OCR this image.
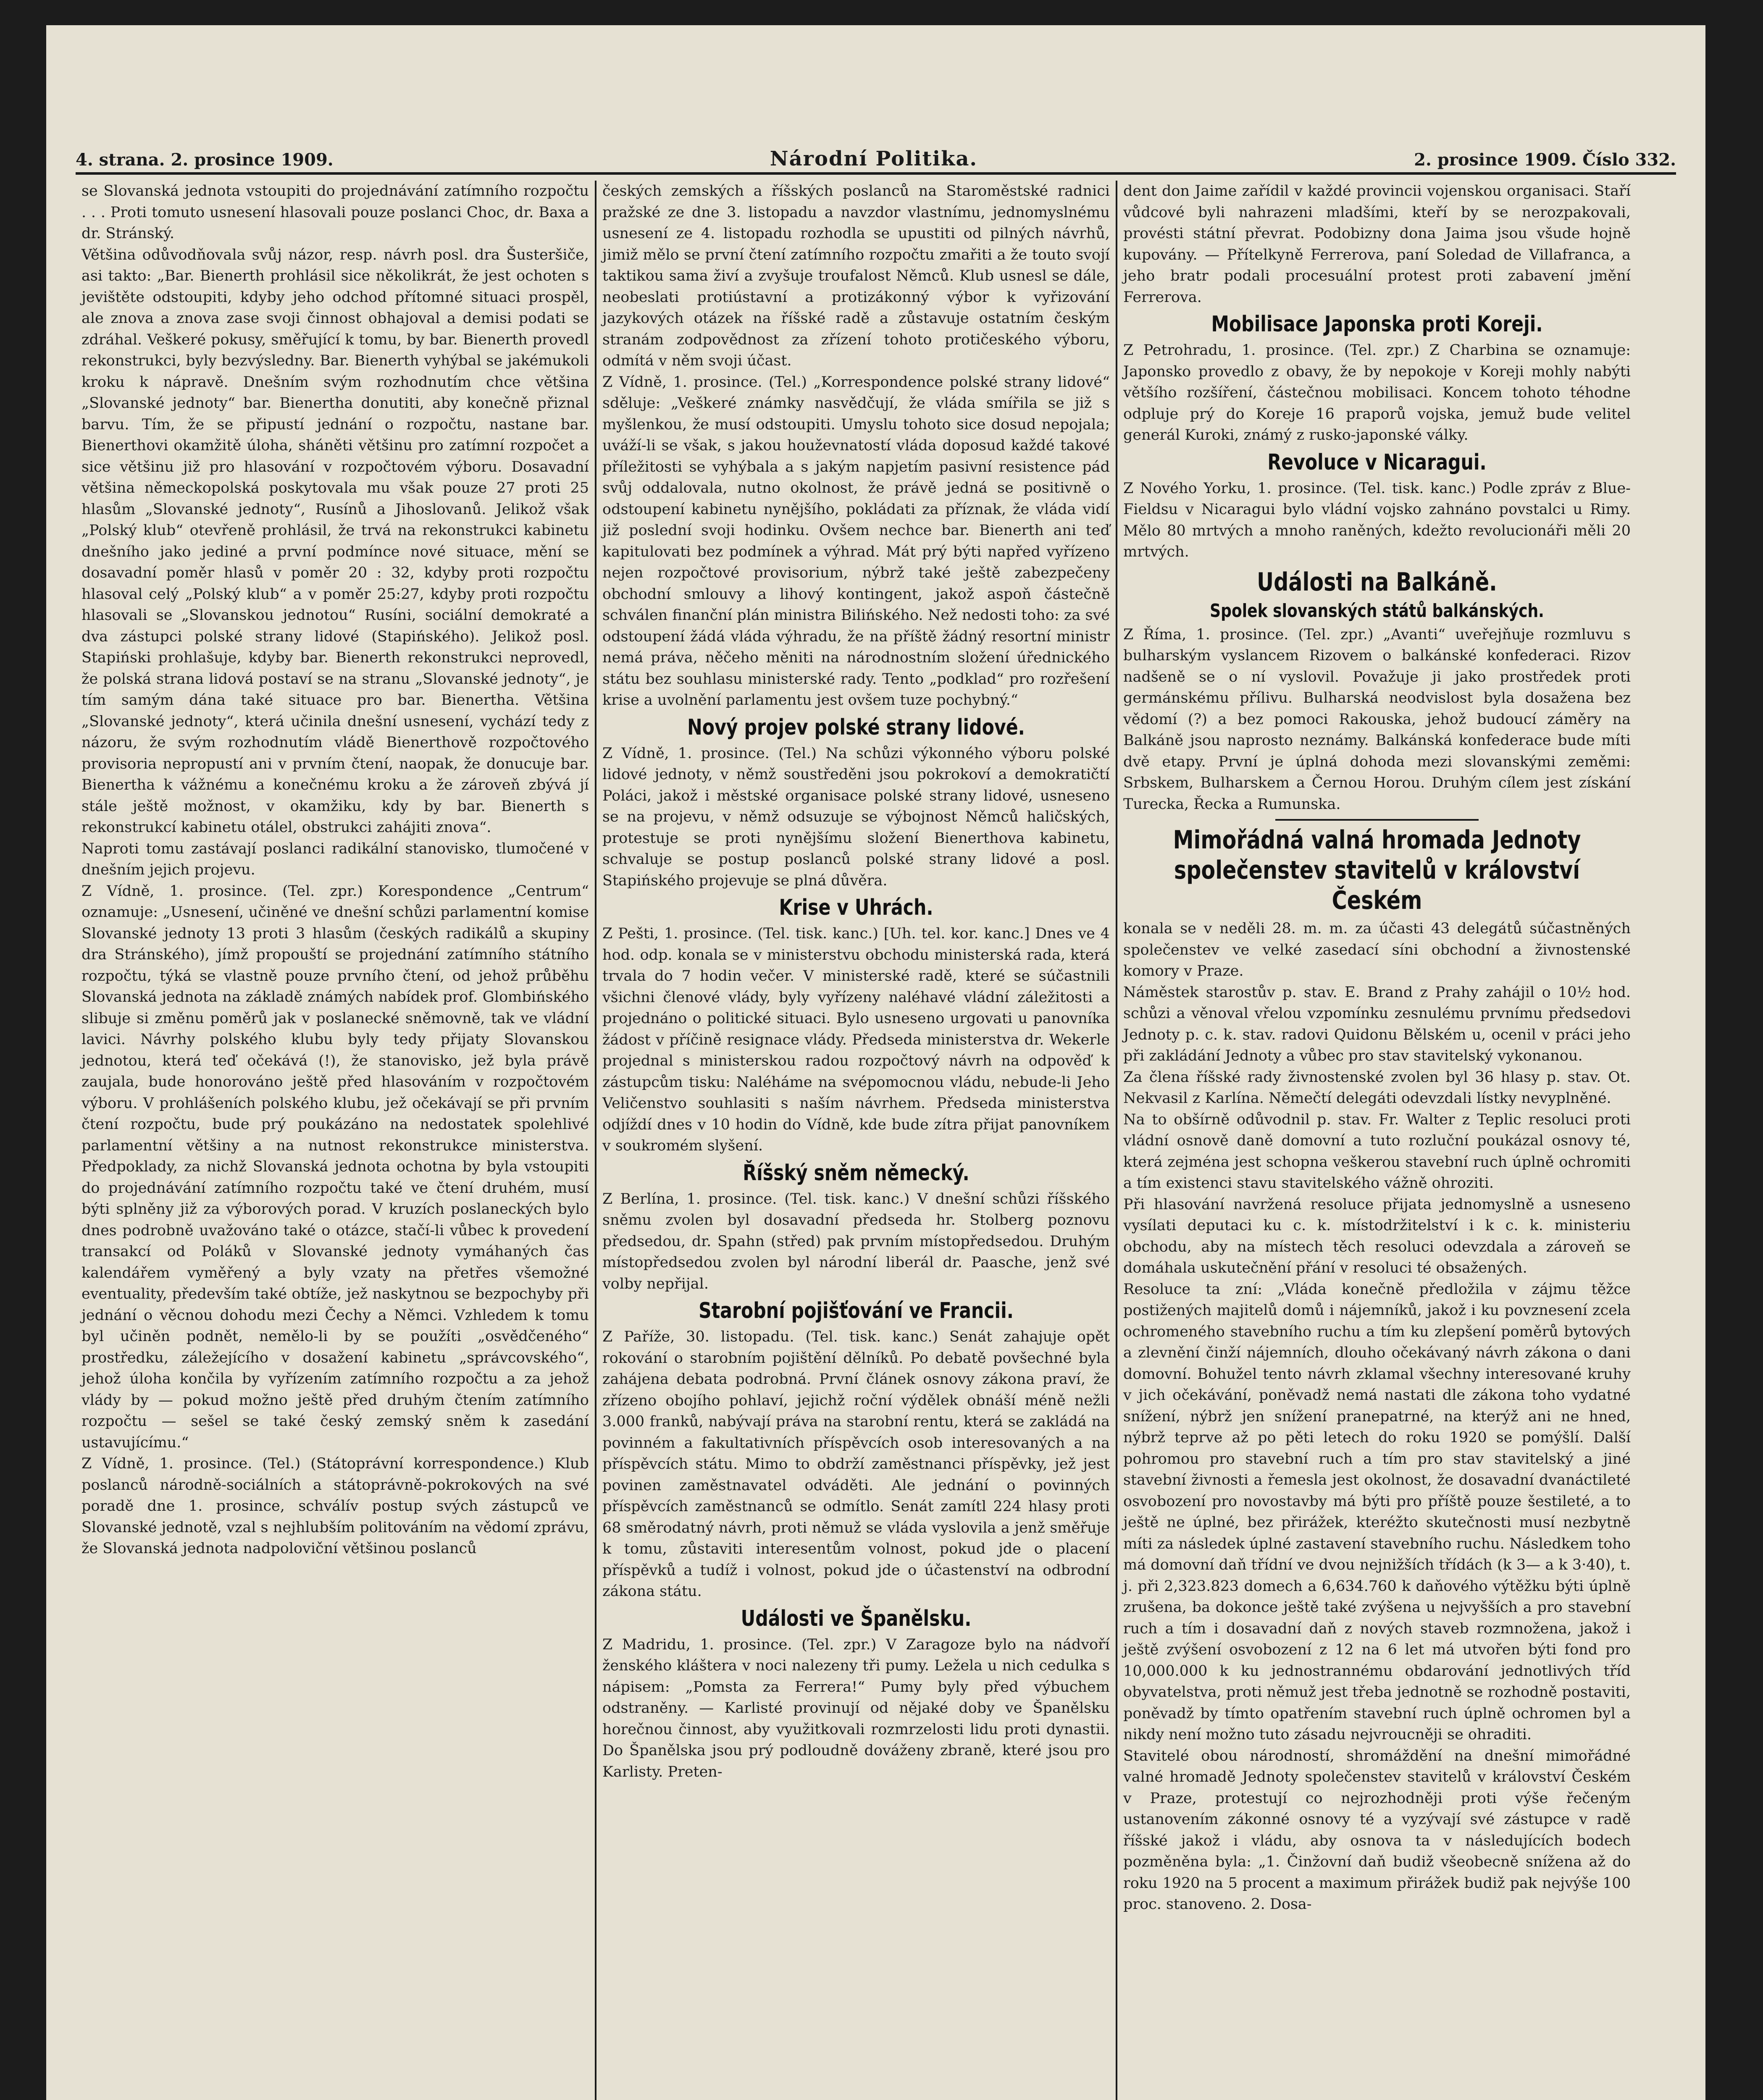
4. strana. 2. prosince 1909.	Národní Politika.	2. prosince 1909. Číslo 332.

se Slovanská jednota vstoupiti do projednávání zatímního rozpočtu . . . Proti tomuto usnesení hlasovali pouze poslanci Choc, dr. Baxa a dr. Stránský.

Většina odůvodňovala svůj názor, resp. návrh posl. dra Šusteršiče, asi takto: „Bar. Bienerth prohlásil sice několikrát, že jest ochoten s jevištěte odstoupiti, kdyby jeho odchod přítomné situaci prospěl, ale znova a znova zase svoji činnost obhajoval a demisi podati se zdráhal. Veškeré pokusy, směřující k tomu, by bar. Bienerth provedl rekonstrukci, byly bezvýsledny. Bar. Bienerth vyhýbal se jakémukoli kroku k nápravě. Dnešním svým rozhodnutím chce většina „Slovanské jednoty“ bar. Bienertha donutiti, aby konečně přiznal barvu. Tím, že se připustí jednání o rozpočtu, nastane bar. Bienerthovi okamžitě úloha, sháněti většinu pro zatímní rozpočet a sice většinu již pro hlasování v rozpočtovém výboru. Dosavadní většina německopolská poskytovala mu však pouze 27 proti 25 hlasům „Slovanské jednoty“, Rusínů a Jihoslovanů. Jelikož však „Polský klub“ otevřeně prohlásil, že trvá na rekonstrukci kabinetu dnešního jako jediné a první podmínce nové situace, mění se dosavadní poměr hlasů v poměr 20 : 32, kdyby proti rozpočtu hlasoval celý „Polský klub“ a v poměr 25:27, kdyby proti rozpočtu hlasovali se „Slovanskou jednotou“ Rusíni, sociální demokraté a dva zástupci polské strany lidové (Stapińského). Jelikož posl. Stapiński prohlašuje, kdyby bar. Bienerth rekonstrukci neprovedl, že polská strana lidová postaví se na stranu „Slovanské jednoty“, je tím samým dána také situace pro bar. Bienertha. Většina „Slovanské jednoty“, která učinila dnešní usnesení, vychází tedy z názoru, že svým rozhodnutím vládě Bienerthově rozpočtového provisoria nepropustí ani v prvním čtení, naopak, že donucuje bar. Bienertha k vážnému a konečnému kroku a že zároveň zbývá jí stále ještě možnost, v okamžiku, kdy by bar. Bienerth s rekonstrukcí kabinetu otálel, obstrukci zahájiti znova“.

Naproti tomu zastávají poslanci radikální stanovisko, tlumočené v dnešním jejich projevu.

Z Vídně, 1. prosince. (Tel. zpr.) Korespondence „Centrum“ oznamuje: „Usnesení, učiněné ve dnešní schůzi parlamentní komise Slovanské jednoty 13 proti 3 hlasům (českých radikálů a skupiny dra Stránského), jímž propouští se projednání zatímního státního rozpočtu, týká se vlastně pouze prvního čtení, od jehož průběhu Slovanská jednota na základě známých nabídek prof. Glombińského slibuje si změnu poměrů jak v poslanecké sněmovně, tak ve vládní lavici. Návrhy polského klubu byly tedy přijaty Slovanskou jednotou, která teď očekává (!), že stanovisko, jež byla právě zaujala, bude honorováno ještě před hlasováním v rozpočtovém výboru. V prohlášeních polského klubu, jež očekávají se při prvním čtení rozpočtu, bude prý poukázáno na nedostatek spolehlivé parlamentní většiny a na nutnost rekonstrukce ministerstva. Předpoklady, za nichž Slovanská jednota ochotna by byla vstoupiti do projednávání zatímního rozpočtu také ve čtení druhém, musí býti splněny již za výborových porad. V kruzích poslaneckých bylo dnes podrobně uvažováno také o otázce, stačí-li vůbec k provedení transakcí od Poláků v Slovanské jednoty vymáhaných čas kalendářem vyměřený a byly vzaty na přetřes všemožné eventuality, především také obtíže, jež naskytnou se bezpochyby při jednání o věcnou dohodu mezi Čechy a Němci. Vzhledem k tomu byl učiněn podnět, nemělo-li by se použíti „osvědčeného“ prostředku, záležejícího v dosažení kabinetu „správcovského“, jehož úloha končila by vyřízením zatímního rozpočtu a za jehož vlády by — pokud možno ještě před druhým čtením zatímního rozpočtu — sešel se také český zemský sněm k zasedání ustavujícímu.“

Z Vídně, 1. prosince. (Tel.) (Státoprávní korrespondence.) Klub poslanců národně-sociálních a státoprávně-pokrokových na své poradě dne 1. prosince, schválív postup svých zástupců ve Slovanské jednotě, vzal s nejhlubším politováním na vědomí zprávu, že Slovanská jednota nadpoloviční většinou poslanců

českých zemských a říšských poslanců na Staroměstské radnici pražské ze dne 3. listopadu a navzdor vlastnímu, jednomyslnému usnesení ze 4. listopadu rozhodla se upustiti od pilných návrhů, jimiž mělo se první čtení zatímního rozpočtu zmařiti a že touto svojí taktikou sama živí a zvyšuje troufalost Němců. Klub usnesl se dále, neobeslati protiústavní a protizákonný výbor k vyřizování jazykových otázek na říšské radě a zůstavuje ostatním českým stranám zodpovědnost za zřízení tohoto protičeského výboru, odmítá v něm svoji účast.

Z Vídně, 1. prosince. (Tel.) „Korrespondence polské strany lidové“ sděluje: „Veškeré známky nasvědčují, že vláda smířila se již s myšlenkou, že musí odstoupiti. Umyslu tohoto sice dosud nepojala; uváží-li se však, s jakou houževnatostí vláda doposud každé takové příležitosti se vyhýbala a s jakým napjetím pasivní resistence pád svůj oddalovala, nutno okolnost, že právě jedná se positivně o odstoupení kabinetu nynějšího, pokládati za příznak, že vláda vidí již poslední svoji hodinku. Ovšem nechce bar. Bienerth ani teď kapitulovati bez podmínek a výhrad. Mát prý býti napřed vyřízeno nejen rozpočtové provisorium, nýbrž také ještě zabezpečeny obchodní smlouvy a lihový kontingent, jakož aspoň částečně schválen finanční plán ministra Bilińského. Než nedosti toho: za své odstoupení žádá vláda výhradu, že na příště žádný resortní ministr nemá práva, něčeho měniti na národnostním složení úřednického státu bez souhlasu ministerské rady. Tento „podklad“ pro rozřešení krise a uvolnění parlamentu jest ovšem tuze pochybný.“

Nový projev polské strany lidové.

Z Vídně, 1. prosince. (Tel.) Na schůzi výkonného výboru polské lidové jednoty, v němž soustředěni jsou pokrokoví a demokratičtí Poláci, jakož i městské organisace polské strany lidové, usneseno se na projevu, v němž odsuzuje se výbojnost Němců haličských, protestuje se proti nynějšímu složení Bienerthova kabinetu, schvaluje se postup poslanců polské strany lidové a posl. Stapińského projevuje se plná důvěra.

Krise v Uhrách.

Z Pešti, 1. prosince. (Tel. tisk. kanc.) [Uh. tel. kor. kanc.] Dnes ve 4 hod. odp. konala se v ministerstvu obchodu ministerská rada, která trvala do 7 hodin večer. V ministerské radě, které se súčastnili všichni členové vlády, byly vyřízeny naléhavé vládní záležitosti a projednáno o politické situaci. Bylo usneseno urgovati u panovníka žádost v příčině resignace vlády. Předseda ministerstva dr. Wekerle projednal s ministerskou radou rozpočtový návrh na odpověď k zástupcům tisku: Naléháme na svépomocnou vládu, nebude-li Jeho Veličenstvo souhlasiti s naším návrhem. Předseda ministerstva odjíždí dnes v 10 hodin do Vídně, kde bude zítra přijat panovníkem v soukromém slyšení.

Říšský sněm německý.

Z Berlína, 1. prosince. (Tel. tisk. kanc.) V dnešní schůzi říšského sněmu zvolen byl dosavadní předseda hr. Stolberg poznovu předsedou, dr. Spahn (střed) pak prvním místopředsedou. Druhým místopředsedou zvolen byl národní liberál dr. Paasche, jenž své volby nepřijal.

Starobní pojišťování ve Francii.

Z Paříže, 30. listopadu. (Tel. tisk. kanc.) Senát zahajuje opět rokování o starobním pojištění dělníků. Po debatě povšechné byla zahájena debata podrobná. První článek osnovy zákona praví, že zřízeno obojího pohlaví, jejichž roční výdělek obnáší méně nežli 3.000 franků, nabývají práva na starobní rentu, která se zakládá na povinném a fakultativních příspěvcích osob interesovaných a na příspěvcích státu. Mimo to obdrží zaměstnanci příspěvky, jež jest povinen zaměstnavatel odváděti. Ale jednání o povinných příspěvcích zaměstnanců se odmítlo. Senát zamítl 224 hlasy proti 68 směrodatný návrh, proti němuž se vláda vyslovila a jenž směřuje k tomu, zůstaviti interesentům volnost, pokud jde o placení příspěvků a tudíž i volnost, pokud jde o účastenství na odbrodní zákona státu.

Události ve Španělsku.

Z Madridu, 1. prosince. (Tel. zpr.) V Zaragoze bylo na nádvoří ženského kláštera v noci nalezeny tři pumy. Ležela u nich cedulka s nápisem: „Pomsta za Ferrera!“ Pumy byly před výbuchem odstraněny. — Karlisté provinují od nějaké doby ve Španělsku horečnou činnost, aby využitkovali rozmrzelosti lidu proti dynastii. Do Španělska jsou prý podloudně dováženy zbraně, které jsou pro Karlisty. Preten-

dent don Jaime zařídil v každé provincii vojenskou organisaci. Staří vůdcové byli nahrazeni mladšími, kteří by se nerozpakovali, provésti státní převrat. Podobizny dona Jaima jsou všude hojně kupovány. — Přítelkyně Ferrerova, paní Soledad de Villafranca, a jeho bratr podali procesuální protest proti zabavení jmění Ferrerova.

Mobilisace Japonska proti Koreji.

Z Petrohradu, 1. prosince. (Tel. zpr.) Z Charbina se oznamuje: Japonsko provedlo z obavy, že by nepokoje v Koreji mohly nabýti většího rozšíření, částečnou mobilisaci. Koncem tohoto téhodne odpluje prý do Koreje 16 praporů vojska, jemuž bude velitel generál Kuroki, známý z rusko-japonské války.

Revoluce v Nicaragui.

Z Nového Yorku, 1. prosince. (Tel. tisk. kanc.) Podle zpráv z Blue-Fieldsu v Nicaragui bylo vládní vojsko zahnáno povstalci u Rimy. Mělo 80 mrtvých a mnoho raněných, kdežto revolucionáři měli 20 mrtvých.

Události na Balkáně.
Spolek slovanských států balkánských.

Z Říma, 1. prosince. (Tel. zpr.) „Avanti“ uveřejňuje rozmluvu s bulharským vyslancem Rizovem o balkánské konfederaci. Rizov nadšeně se o ní vyslovil. Považuje ji jako prostředek proti germánskému přílivu. Bulharská neodvislost byla dosažena bez vědomí (?) a bez pomoci Rakouska, jehož budoucí záměry na Balkáně jsou naprosto neznámy. Balkánská konfederace bude míti dvě etapy. První je úplná dohoda mezi slovanskými zeměmi: Srbskem, Bulharskem a Černou Horou. Druhým cílem jest získání Turecka, Řecka a Rumunska.

Mimořádná valná hromada Jednoty společenstev stavitelů v království Českém

konala se v neděli 28. m. m. za účasti 43 delegátů súčastněných společenstev ve velké zasedací síni obchodní a živnostenské komory v Praze.

Náměstek starostův p. stav. E. Brand z Prahy zahájil o 10½ hod. schůzi a věnoval vřelou vzpomínku zesnulému prvnímu předsedovi Jednoty p. c. k. stav. radovi Quidonu Bělském u, ocenil v práci jeho při zakládání Jednoty a vůbec pro stav stavitelský vykonanou.

Za člena říšské rady živnostenské zvolen byl 36 hlasy p. stav. Ot. Nekvasil z Karlína. Němečtí delegáti odevzdali lístky nevyplněné.

Na to obšírně odůvodnil p. stav. Fr. Walter z Teplic resoluci proti vládní osnově daně domovní a tuto rozluční poukázal osnovy té, která zejména jest schopna veškerou stavební ruch úplně ochromiti a tím existenci stavu stavitelského vážně ohroziti.

Při hlasování navržená resoluce přijata jednomyslně a usneseno vysílati deputaci ku c. k. místodržitelství i k c. k. ministeriu obchodu, aby na místech těch resoluci odevzdala a zároveň se domáhala uskutečnění přání v resoluci té obsažených.

Resoluce ta zní: „Vláda konečně předložila v zájmu těžce postižených majitelů domů i nájemníků, jakož i ku povznesení zcela ochromeného stavebního ruchu a tím ku zlepšení poměrů bytových a zlevnění činží nájemních, dlouho očekávaný návrh zákona o dani domovní. Bohužel tento návrh zklamal všechny interesované kruhy v jich očekávání, poněvadž nemá nastati dle zákona toho vydatné snížení, nýbrž jen snížení pranepatrné, na kterýž ani ne hned, nýbrž teprve až po pěti letech do roku 1920 se pomýšlí. Další pohromou pro stavební ruch a tím pro stav stavitelský a jiné stavební živnosti a řemesla jest okolnost, že dosavadní dvanáctileté osvobození pro novostavby má býti pro příště pouze šestileté, a to ještě ne úplné, bez přirážek, kteréžto skutečnosti musí nezbytně míti za následek úplné zastavení stavebního ruchu. Následkem toho má domovní daň třídní ve dvou nejnižších třídách (k 3— a k 3·40), t. j. při 2,323.823 domech a 6,634.760 k daňového výtěžku býti úplně zrušena, ba dokonce ještě také zvýšena u nejvyšších a pro stavební ruch a tím i dosavadní daň z nových staveb rozmnožena, jakož i ještě zvýšení osvobození z 12 na 6 let má utvořen býti fond pro 10,000.000 k ku jednostrannému obdarování jednotlivých tříd obyvatelstva, proti němuž jest třeba jednotně se rozhodně postaviti, poněvadž by tímto opatřením stavební ruch úplně ochromen byl a nikdy není možno tuto zásadu nejvroucněji se ohraditi.

Stavitelé obou národností, shromáždění na dnešní mimořádné valné hromadě Jednoty společenstev stavitelů v království Českém v Praze, protestují co nejrozhodněji proti výše řečeným ustanovením zákonné osnovy té a vyzývají své zástupce v radě říšské jakož i vládu, aby osnova ta v následujících bodech pozměněna byla: „1. Činžovní daň budiž všeobecně snížena až do roku 1920 na 5 procent a maximum přirážek budiž pak nejvýše 100 proc. stanoveno. 2. Dosa-
